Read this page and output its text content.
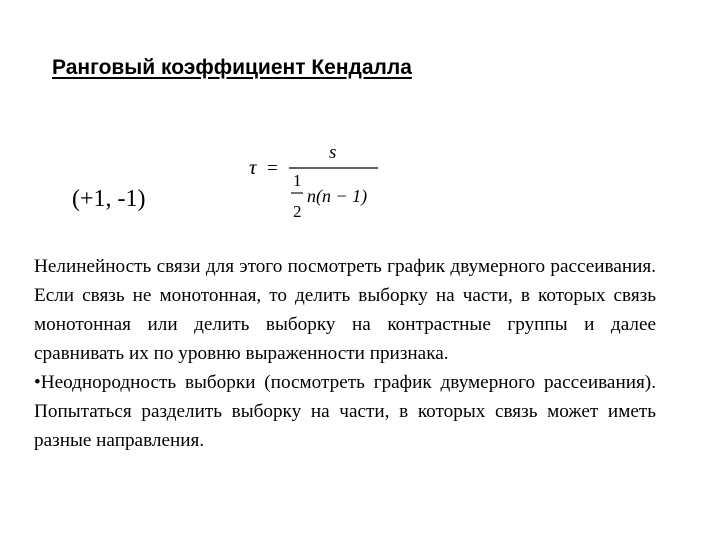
Ранговый коэффициент Кендалла
τ =
s
1
2
n(n − 1)
(+1, -1)

Нелинейность связи для этого посмотреть график двумерного рассеивания. Если связь не монотонная, то делить выборку на части, в которых связь монотонная или делить выборку на контрастные группы и далее сравнивать их по уровню выраженности признака.

•Неоднородность выборки (посмотреть график двумерного рассеивания). Попытаться разделить выборку на части, в которых связь может иметь разные направления.
